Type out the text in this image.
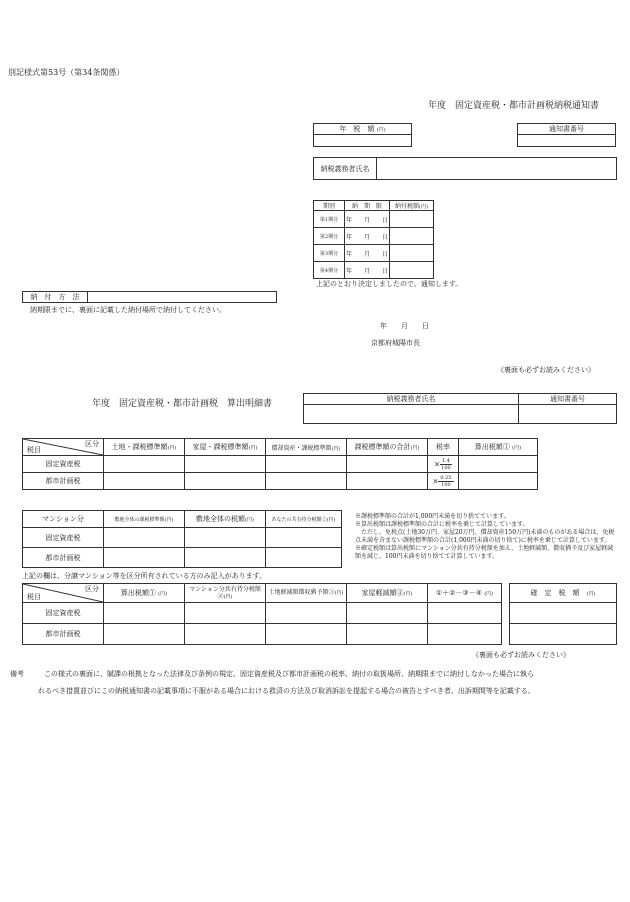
別記様式第53号（第34条関係）
年度　固定資産税・都市計画税納税通知書
年　税　額 (円)	通知書番号

納税義務者氏名	
期別	納　期　限	納付税額(円)
第1期分	年　　月　　日	
第2期分	年　　月　　日	
第3期分	年　　月　　日	
第4期分	年　　月　　日	
上記のとおり決定しましたので、通知します。
納　付　方　法	
納期限までに、裏面に記載した納付場所で納付してください。
年　　月　　日
京都府城陽市長
《裏面も必ずお読みください》
年度　固定資産税・都市計画税　算出明細書	納税義務者氏名	通知書番号

区分
税目	土地・課税標準額(円)	家屋・課税標準額(円)	償却資産・課税標準額(円)	課税標準額の合計(円)	税率	算出税額① (円)
固定資産税					× $\frac{1.4}{100}$	
都市計画税					× $\frac{0.25}{100}$	
マンション分	敷地全体の課税標準額(円)	敷地全体の税額(円)	あなたの共有持分税額②(円)
固定資産税			
都市計画税			
※課税標準額の合計が1,000円未満を切り捨てています。
※算出税額は課税標準額の合計に税率を乗じて計算しています。
　ただし、免税点(土地30万円、家屋20万円、償却資産150万円)未満のものがある場合は、免税点未満を含まない課税標準額の合計(1,000円未満の切り捨て)に税率を乗じて計算しています。
※確定税額は算出税額にマンション分共有持分税額を加え、土地軽減額、徴収猶予及び家屋軽減額を減じ、100円未満を切り捨てて計算しています。
上記の欄は、分譲マンション等を区分所有されている方のみ記入があります。
区分
税目	算出税額① (円)	マンション分共有持分税額②(円)	土地軽減額徴収猶予額③(円)	家屋軽減額④(円)	①＋②－③－④ (円)
固定資産税					
都市計画税					
確　定　税　額　 (円)

《裏面も必ずお読みください》
備考	この様式の裏面に、賦課の根拠となった法律及び条例の規定、固定資産税及び都市計画税の税率、納付の取扱場所、納期限までに納付しなかった場合に執ら
れるべき措置並びにこの納税通知書の記載事項に不服がある場合における救済の方法及び取消訴訟を提起する場合の被告とすべき者、出訴期間等を記載する。
